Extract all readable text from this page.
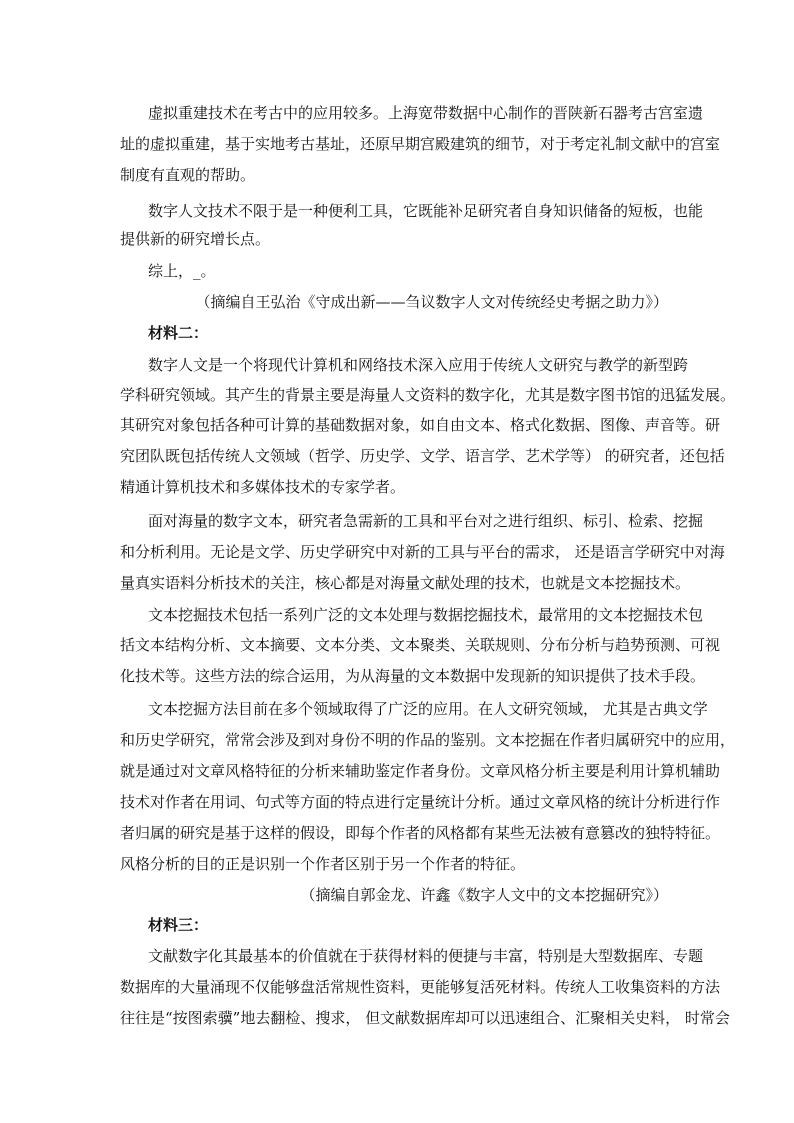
虚拟重建技术在考古中的应用较多。上海宽带数据中心制作的晋陕新石器考古宫室遗
址的虚拟重建，基于实地考古基址，还原早期宫殿建筑的细节，对于考定礼制文献中的宫室
制度有直观的帮助。
数字人文技术不限于是一种便利工具，它既能补足研究者自身知识储备的短板，也能
提供新的研究增长点。
综上，_。
（摘编自王弘治《守成出新——刍议数字人文对传统经史考据之助力》）
材料二：
数字人文是一个将现代计算机和网络技术深入应用于传统人文研究与教学的新型跨
学科研究领域。其产生的背景主要是海量人文资料的数字化，尤其是数字图书馆的迅猛发展。
其研究对象包括各种可计算的基础数据对象，如自由文本、格式化数据、图像、声音等。研
究团队既包括传统人文领域（哲学、历史学、文学、语言学、艺术学等） 的研究者，还包括
精通计算机技术和多媒体技术的专家学者。
面对海量的数字文本，研究者急需新的工具和平台对之进行组织、标引、检索、挖掘
和分析利用。无论是文学、历史学研究中对新的工具与平台的需求， 还是语言学研究中对海
量真实语料分析技术的关注，核心都是对海量文献处理的技术，也就是文本挖掘技术。
文本挖掘技术包括一系列广泛的文本处理与数据挖掘技术，最常用的文本挖掘技术包
括文本结构分析、文本摘要、文本分类、文本聚类、关联规则、分布分析与趋势预测、可视
化技术等。这些方法的综合运用，为从海量的文本数据中发现新的知识提供了技术手段。
文本挖掘方法目前在多个领域取得了广泛的应用。在人文研究领域， 尤其是古典文学
和历史学研究，常常会涉及到对身份不明的作品的鉴别。文本挖掘在作者归属研究中的应用，
就是通过对文章风格特征的分析来辅助鉴定作者身份。文章风格分析主要是利用计算机辅助
技术对作者在用词、句式等方面的特点进行定量统计分析。通过文章风格的统计分析进行作
者归属的研究是基于这样的假设，即每个作者的风格都有某些无法被有意篡改的独特特征。
风格分析的目的正是识别一个作者区别于另一个作者的特征。
（摘编自郭金龙、许鑫《数字人文中的文本挖掘研究》）
材料三：
文献数字化其最基本的价值就在于获得材料的便捷与丰富，特别是大型数据库、专题
数据库的大量涌现不仅能够盘活常规性资料，更能够复活死材料。传统人工收集资料的方法
往往是“按图索骥”地去翻检、搜求， 但文献数据库却可以迅速组合、汇聚相关史料， 时常会
